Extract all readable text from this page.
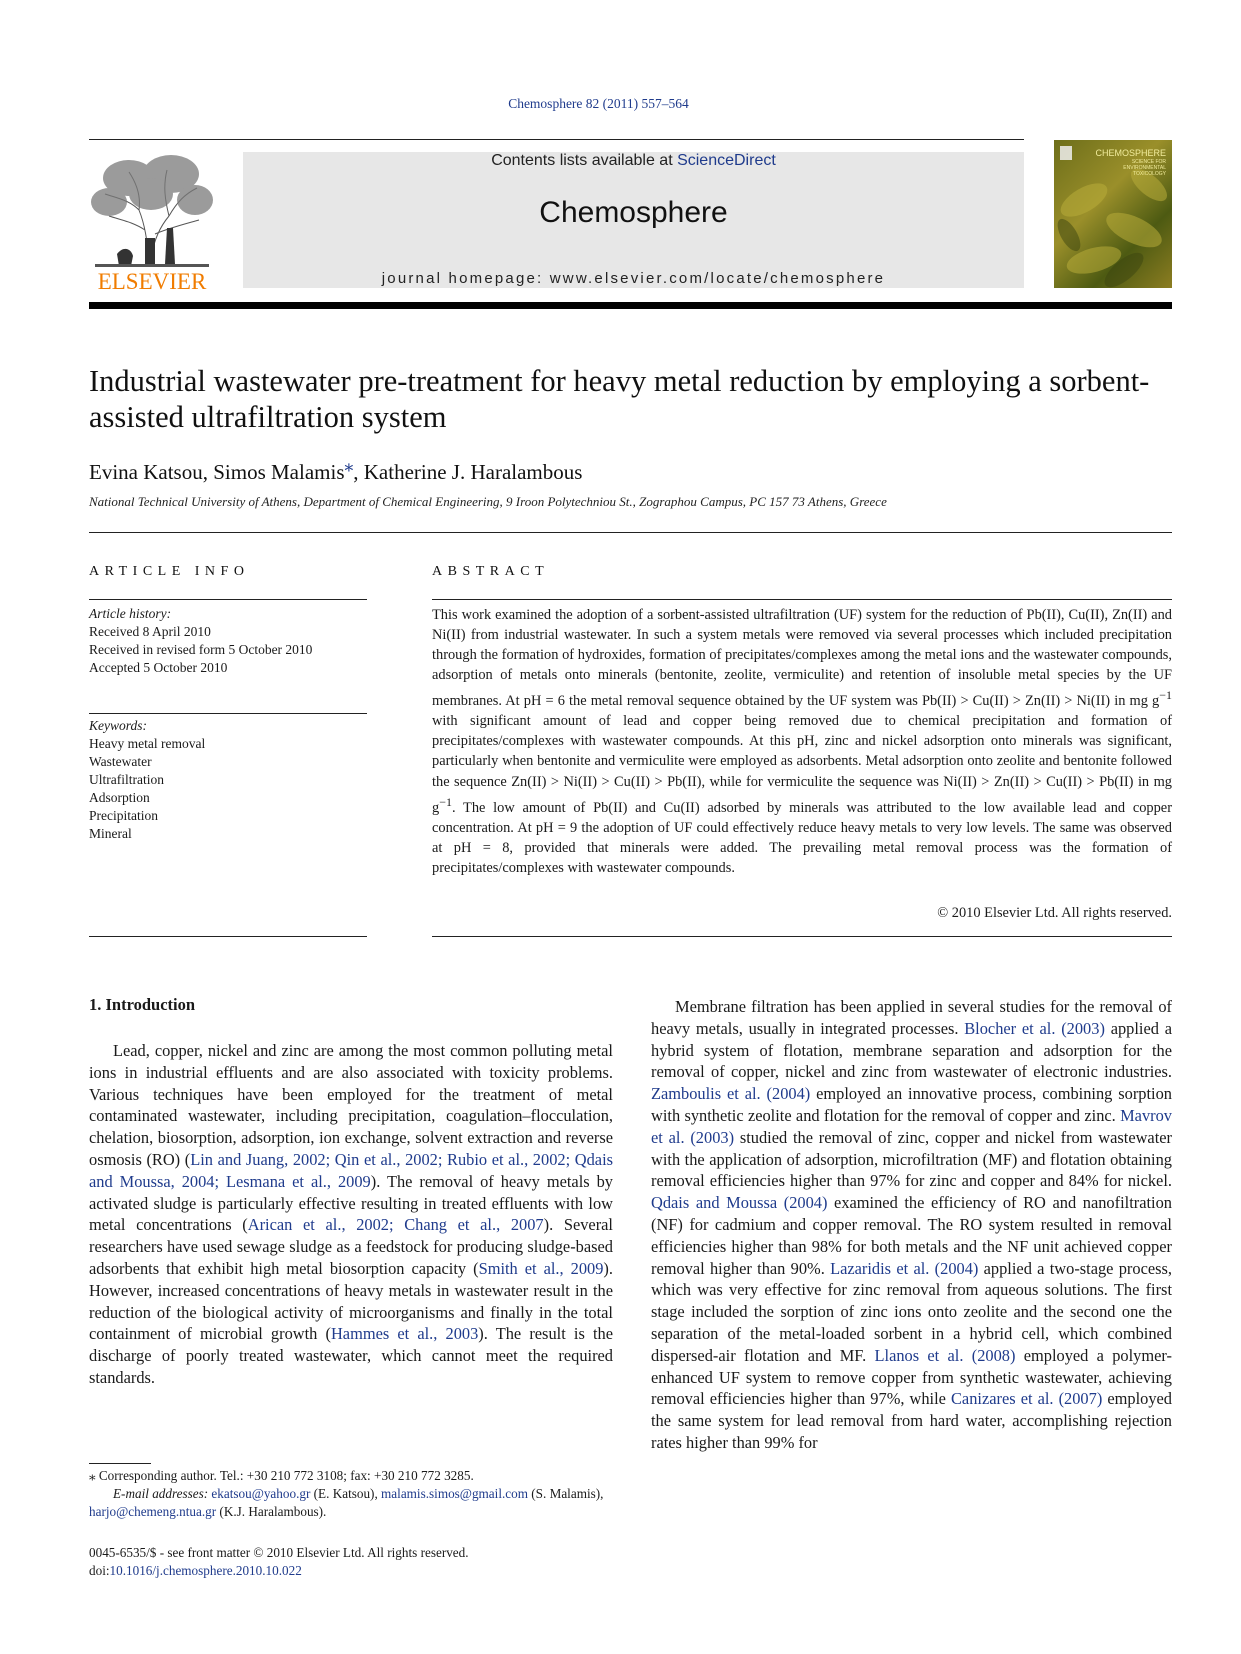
Chemosphere 82 (2011) 557–564
ELSEVIER
Contents lists available at ScienceDirect
Chemosphere
journal homepage: www.elsevier.com/locate/chemosphere
CHEMOSPHERE
SCIENCE FOR ENVIRONMENTAL TOXICOLOGY
Industrial wastewater pre-treatment for heavy metal reduction by employing a sorbent-assisted ultrafiltration system
Evina Katsou, Simos Malamis⁎, Katherine J. Haralambous
National Technical University of Athens, Department of Chemical Engineering, 9 Iroon Polytechniou St., Zographou Campus, PC 157 73 Athens, Greece
ARTICLE INFO	ABSTRACT
Article history:
Received 8 April 2010
Received in revised form 5 October 2010
Accepted 5 October 2010
Keywords:
Heavy metal removal
Wastewater
Ultrafiltration
Adsorption
Precipitation
Mineral
This work examined the adoption of a sorbent-assisted ultrafiltration (UF) system for the reduction of Pb(II), Cu(II), Zn(II) and Ni(II) from industrial wastewater. In such a system metals were removed via several processes which included precipitation through the formation of hydroxides, formation of precipitates/complexes among the metal ions and the wastewater compounds, adsorption of metals onto minerals (bentonite, zeolite, vermiculite) and retention of insoluble metal species by the UF membranes. At pH = 6 the metal removal sequence obtained by the UF system was Pb(II) > Cu(II) > Zn(II) > Ni(II) in mg $g^{-1}$ with significant amount of lead and copper being removed due to chemical precipitation and formation of precipitates/complexes with wastewater compounds. At this pH, zinc and nickel adsorption onto minerals was significant, particularly when bentonite and vermiculite were employed as adsorbents. Metal adsorption onto zeolite and bentonite followed the sequence Zn(II) > Ni(II) > Cu(II) > Pb(II), while for vermiculite the sequence was Ni(II) > Zn(II) > Cu(II) > Pb(II) in mg $g^{-1}$. The low amount of Pb(II) and Cu(II) adsorbed by minerals was attributed to the low available lead and copper concentration. At pH = 9 the adoption of UF could effectively reduce heavy metals to very low levels. The same was observed at pH = 8, provided that minerals were added. The prevailing metal removal process was the formation of precipitates/complexes with wastewater compounds.
© 2010 Elsevier Ltd. All rights reserved.
1. Introduction
Lead, copper, nickel and zinc are among the most common polluting metal ions in industrial effluents and are also associated with toxicity problems. Various techniques have been employed for the treatment of metal contaminated wastewater, including precipitation, coagulation–flocculation, chelation, biosorption, adsorption, ion exchange, solvent extraction and reverse osmosis (RO) (Lin and Juang, 2002; Qin et al., 2002; Rubio et al., 2002; Qdais and Moussa, 2004; Lesmana et al., 2009). The removal of heavy metals by activated sludge is particularly effective resulting in treated effluents with low metal concentrations (Arican et al., 2002; Chang et al., 2007). Several researchers have used sewage sludge as a feedstock for producing sludge-based adsorbents that exhibit high metal biosorption capacity (Smith et al., 2009). However, increased concentrations of heavy metals in wastewater result in the reduction of the biological activity of microorganisms and finally in the total containment of microbial growth (Hammes et al., 2003). The result is the discharge of poorly treated wastewater, which cannot meet the required standards.
Membrane filtration has been applied in several studies for the removal of heavy metals, usually in integrated processes. Blocher et al. (2003) applied a hybrid system of flotation, membrane separation and adsorption for the removal of copper, nickel and zinc from wastewater of electronic industries. Zamboulis et al. (2004) employed an innovative process, combining sorption with synthetic zeolite and flotation for the removal of copper and zinc. Mavrov et al. (2003) studied the removal of zinc, copper and nickel from wastewater with the application of adsorption, microfiltration (MF) and flotation obtaining removal efficiencies higher than 97% for zinc and copper and 84% for nickel. Qdais and Moussa (2004) examined the efficiency of RO and nanofiltration (NF) for cadmium and copper removal. The RO system resulted in removal efficiencies higher than 98% for both metals and the NF unit achieved copper removal higher than 90%. Lazaridis et al. (2004) applied a two-stage process, which was very effective for zinc removal from aqueous solutions. The first stage included the sorption of zinc ions onto zeolite and the second one the separation of the metal-loaded sorbent in a hybrid cell, which combined dispersed-air flotation and MF. Llanos et al. (2008) employed a polymer-enhanced UF system to remove copper from synthetic wastewater, achieving removal efficiencies higher than 97%, while Canizares et al. (2007) employed the same system for lead removal from hard water, accomplishing rejection rates higher than 99% for
⁎ Corresponding author. Tel.: +30 210 772 3108; fax: +30 210 772 3285.
E-mail addresses: ekatsou@yahoo.gr (E. Katsou), malamis.simos@gmail.com (S. Malamis), harjo@chemeng.ntua.gr (K.J. Haralambous).
0045-6535/$ - see front matter © 2010 Elsevier Ltd. All rights reserved.
doi:10.1016/j.chemosphere.2010.10.022
